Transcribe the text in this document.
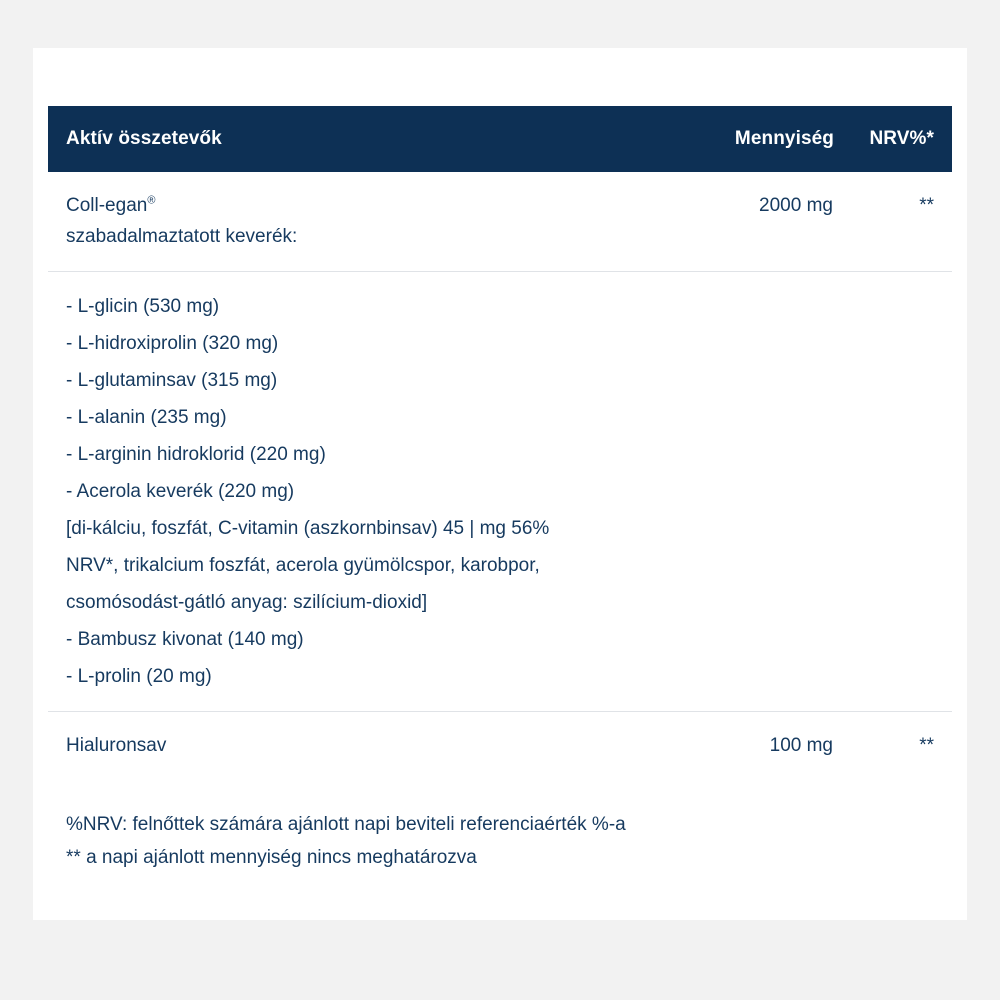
Aktív összetevők	Mennyiség	NRV%*
Coll-egan®
szabadalmaztatott keverék:	2000 mg	**

- L-glicin (530 mg)
- L-hidroxiprolin (320 mg)
- L-glutaminsav (315 mg)
- L-alanin (235 mg)
- L-arginin hidroklorid (220 mg)
- Acerola keverék (220 mg)
[di-kálciu, foszfát, C-vitamin (aszkornbinsav) 45 | mg 56%
NRV*, trikalcium foszfát, acerola gyümölcspor, karobpor,
csomósodást-gátló anyag: szilícium-dioxid]
- Bambusz kivonat (140 mg)
- L-prolin (20 mg)

Hialuronsav	100 mg	**
%NRV: felnőttek számára ajánlott napi beviteli referenciaérték %-a
** a napi ajánlott mennyiség nincs meghatározva
